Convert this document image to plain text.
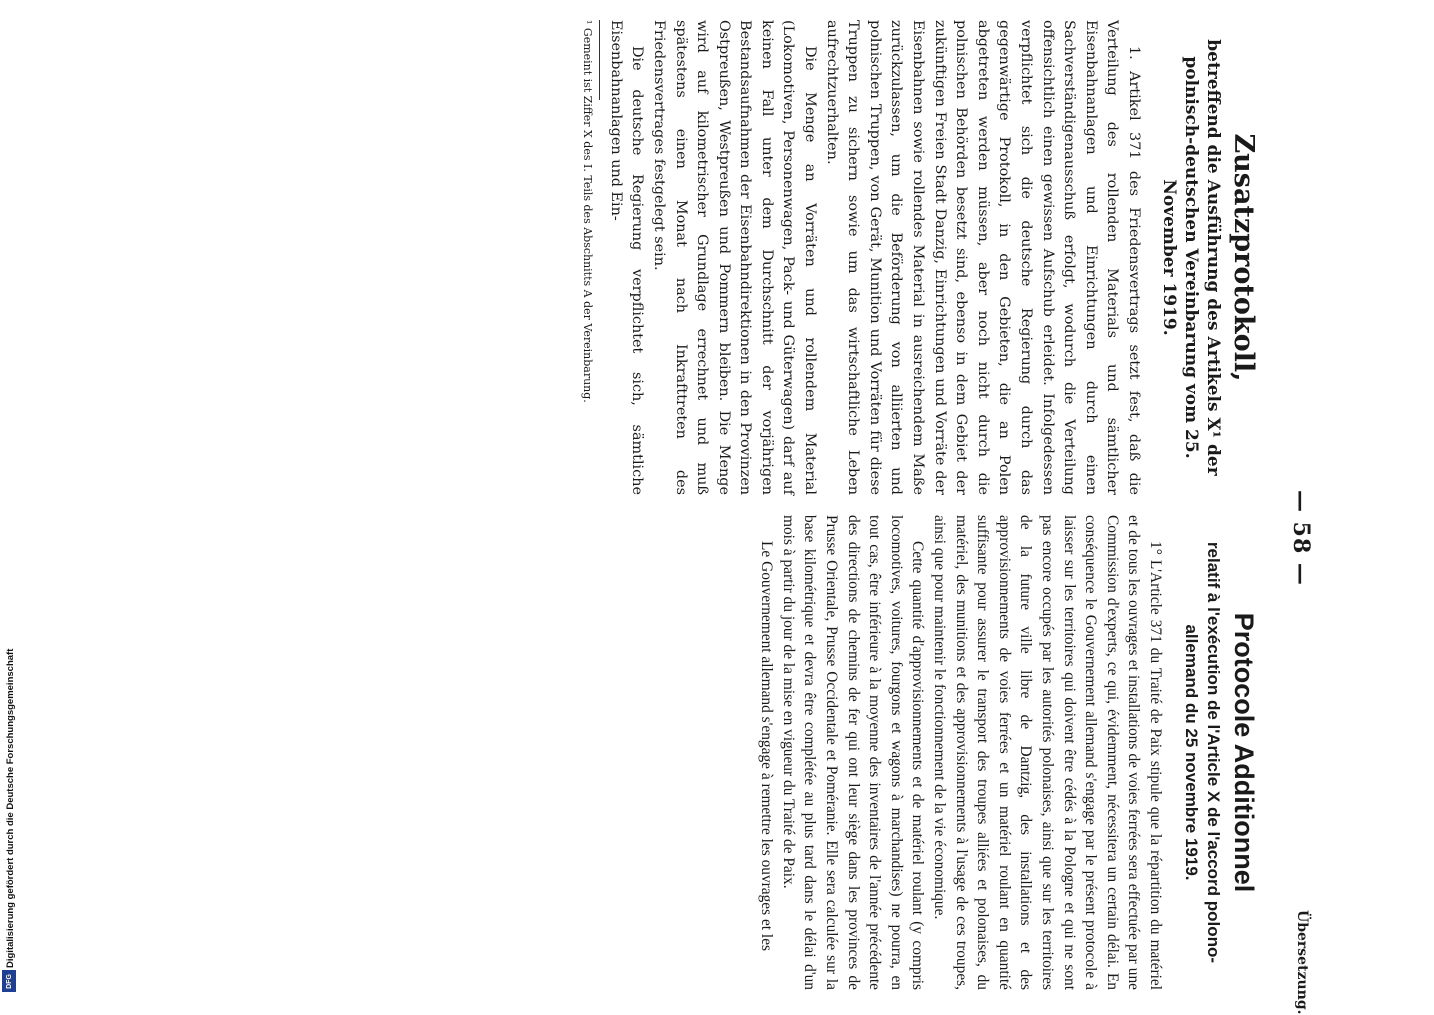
— 58 —
Übersetzung.
Zusatzprotokoll,
betreffend die Ausführung des Artikels X¹ der polnisch-deutschen Vereinbarung vom 25. November 1919.

1. Artikel 371 des Friedensvertrags setzt fest, daß die Verteilung des rollenden Materials und sämtlicher Eisenbahnanlagen und Einrichtungen durch einen Sachverständigenausschuß erfolgt, wodurch die Verteilung offensichtlich einen gewissen Aufschub erleidet. Infolgedessen verpflichtet sich die deutsche Regierung durch das gegenwärtige Protokoll, in den Gebieten, die an Polen abgetreten werden müssen, aber noch nicht durch die polnischen Behörden besetzt sind, ebenso in dem Gebiet der zukünftigen Freien Stadt Danzig, Einrichtungen und Vorräte der Eisenbahnen sowie rollendes Material in ausreichendem Maße zurückzulassen, um die Beförderung von alliierten und polnischen Truppen, von Gerät, Munition und Vorräten für diese Truppen zu sichern sowie um das wirtschaftliche Leben aufrechtzuerhalten.

Die Menge an Vorräten und rollendem Material (Lokomotiven, Personenwagen, Pack- und Güterwagen) darf auf keinen Fall unter dem Durchschnitt der vorjährigen Bestandsaufnahmen der Eisenbahndirektionen in den Provinzen Ostpreußen, Westpreußen und Pommern bleiben. Die Menge wird auf kilometrischer Grundlage errechnet und muß spätestens einen Monat nach Inkrafttreten des Friedensvertrages festgelegt sein.

Die deutsche Regierung verpflichtet sich, sämtliche Eisenbahnanlagen und Ein-

¹ Gemeint ist Ziffer X des I. Teils des Abschnitts A der Vereinbarung.

Protocole Additionnel
relatif à l'exécution de l'Article X de l'accord polono-allemand du 25 novembre 1919.

1° L'Article 371 du Traité de Paix stipule que la répartition du matériel et de tous les ouvrages et installations de voies ferrées sera effectuée par une Commission d'experts, ce qui, évidemment, nécessitera un certain délai. En conséquence le Gouvernement allemand s'engage par le présent protocole à laisser sur les territoires qui doivent être cédés à la Pologne et qui ne sont pas encore occupés par les autorités polonaises, ainsi que sur les territoires de la future ville libre de Dantzig, des installations et des approvisionnements de voies ferrées et un matériel roulant en quantité suffisante pour assurer le transport des troupes alliées et polonaises, du matériel, des munitions et des approvisionnements à l'usage de ces troupes, ainsi que pour maintenir le fonctionnement de la vie économique.

Cette quantité d'approvisionnements et de matériel roulant (y compris locomotives, voitures, fourgons et wagons à marchandises) ne pourra, en tout cas, être inférieure à la moyenne des inventaires de l'année précédente des directions de chemins de fer qui ont leur siège dans les provinces de Prusse Orientale, Prusse Occidentale et Poméranie. Elle sera calculée sur la base kilométrique et devra être complétée au plus tard dans le délai d'un mois à partir du jour de la mise en vigueur du Traité de Paix.

Le Gouvernement allemand s'engage à remettre les ouvrages et les

Digitalisierung gefördert durch die Deutsche Forschungsgemeinschaft
DFG
